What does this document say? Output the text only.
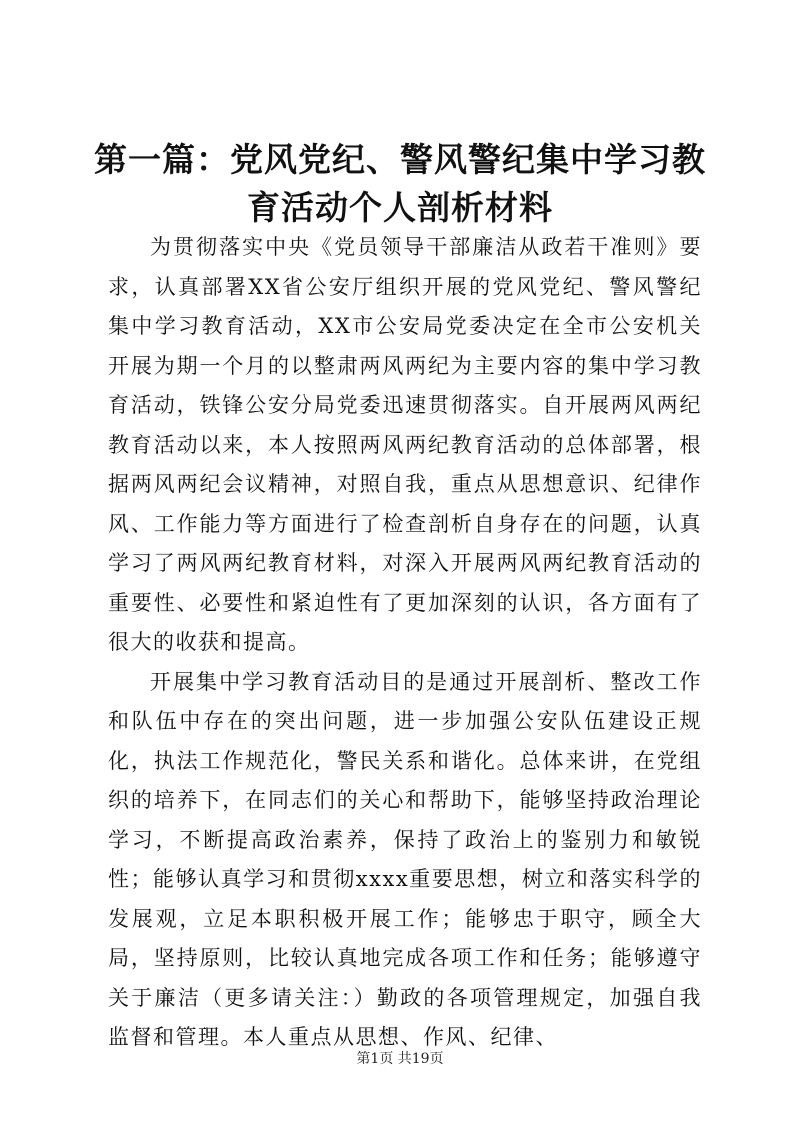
第一篇：党风党纪、警风警纪集中学习教育活动个人剖析材料

为贯彻落实中央《党员领导干部廉洁从政若干准则》要求，认真部署XX省公安厅组织开展的党风党纪、警风警纪集中学习教育活动，XX市公安局党委决定在全市公安机关开展为期一个月的以整肃两风两纪为主要内容的集中学习教育活动，铁锋公安分局党委迅速贯彻落实。自开展两风两纪教育活动以来，本人按照两风两纪教育活动的总体部署，根据两风两纪会议精神，对照自我，重点从思想意识、纪律作风、工作能力等方面进行了检查剖析自身存在的问题，认真学习了两风两纪教育材料，对深入开展两风两纪教育活动的重要性、必要性和紧迫性有了更加深刻的认识，各方面有了很大的收获和提高。

开展集中学习教育活动目的是通过开展剖析、整改工作和队伍中存在的突出问题，进一步加强公安队伍建设正规化，执法工作规范化，警民关系和谐化。总体来讲，在党组织的培养下，在同志们的关心和帮助下，能够坚持政治理论学习，不断提高政治素养，保持了政治上的鉴别力和敏锐性；能够认真学习和贯彻xxxx重要思想，树立和落实科学的发展观，立足本职积极开展工作；能够忠于职守，顾全大局，坚持原则，比较认真地完成各项工作和任务；能够遵守关于廉洁（更多请关注：）勤政的各项管理规定，加强自我监督和管理。本人重点从思想、作风、纪律、

第1页 共19页
